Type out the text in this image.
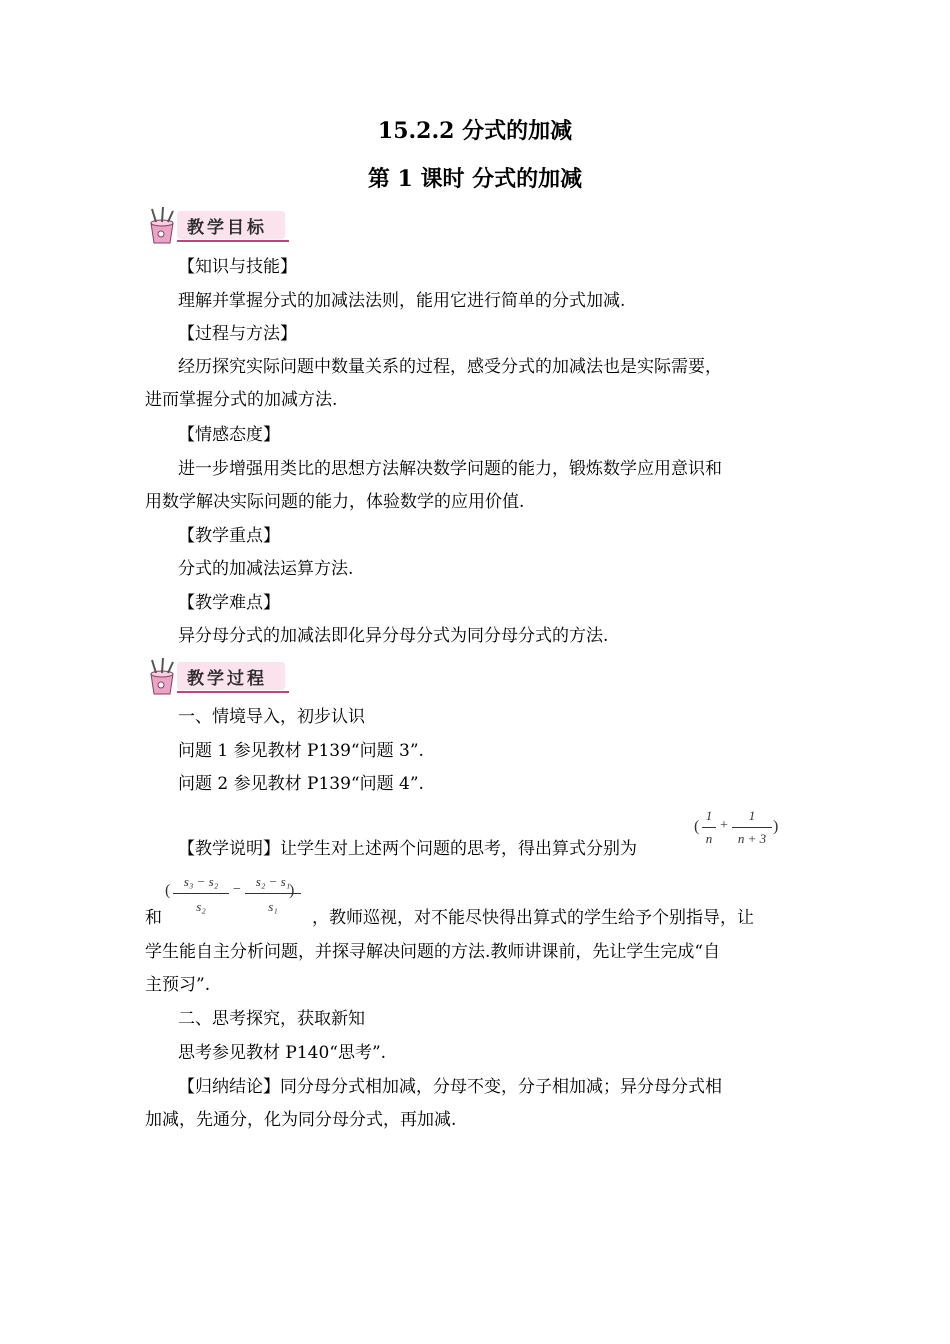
15.2.2 分式的加减
第 1 课时 分式的加减
教学目标
【知识与技能】
理解并掌握分式的加减法法则，能用它进行简单的分式加减.
【过程与方法】
经历探究实际问题中数量关系的过程，感受分式的加减法也是实际需要，
进而掌握分式的加减方法.
【情感态度】
进一步增强用类比的思想方法解决数学问题的能力，锻炼数学应用意识和
用数学解决实际问题的能力，体验数学的应用价值.
【教学重点】
分式的加减法运算方法.
【教学难点】
异分母分式的加减法即化异分母分式为同分母分式的方法.
教学过程
一、情境导入，初步认识
问题 1 参见教材 P139“问题 3”.
问题 2 参见教材 P139“问题 4”.
【教学说明】让学生对上述两个问题的思考，得出算式分别为
(
1
n
+
1
n + 3
)
和
(
s₃ − s₂
s₂
−
s₂ − s₁
s₁
)
，教师巡视，对不能尽快得出算式的学生给予个别指导，让
学生能自主分析问题，并探寻解决问题的方法.教师讲课前，先让学生完成“自
主预习”.
二、思考探究，获取新知
思考参见教材 P140“思考”.
【归纳结论】同分母分式相加减，分母不变，分子相加减；异分母分式相
加减，先通分，化为同分母分式，再加减.
